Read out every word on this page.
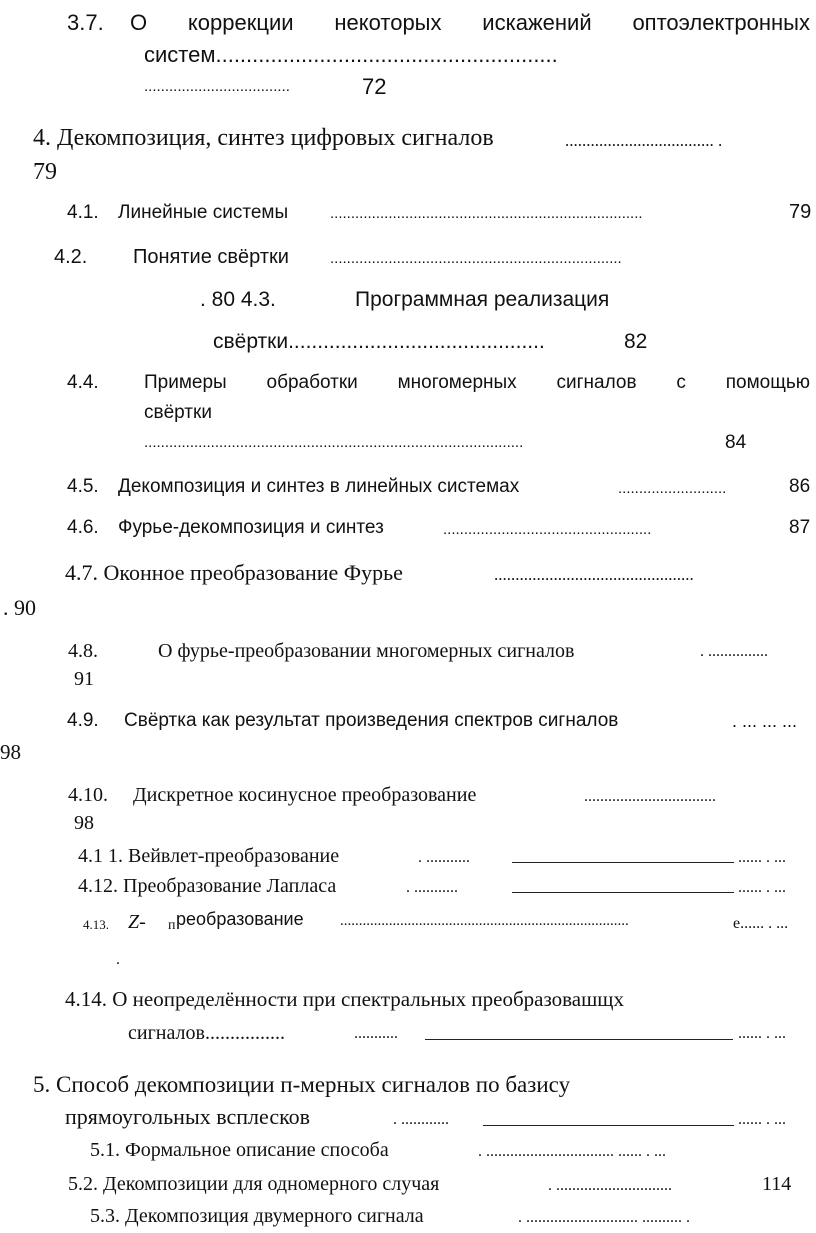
3.7. О коррекции некоторых искажений оптоэлектронных
систем........................................................
...................................	72
4. Декомпозиция, синтез цифровых сигналов	................................... .
79
4.1. Линейные системы	...........................................................................	79
4.2. Понятие свёртки	......................................................................
. 80 4.3.	Программная реализация
свёртки............................................	82
4.4. Примеры обработки многомерных сигналов с помощью
свёртки
...........................................................................................	84
4.5. Декомпозиция и синтез в линейных системах	..........................	86
4.6. Фурье-декомпозиция и синтез	..................................................	87
4.7. Оконное преобразование Фурье	...............................................
. 90
4.8.	О фурье-преобразовании многомерных сигналов	. ...............
91
4.9. Свёртка как результат произведения спектров сигналов	. ... ... ...
98
4.10. Дискретное косинусное преобразование	.................................
98
4.1 1. Вейвлет-преобразование	. ...........	...... . ...
4.12. Преобразование Лапласа	. ...........	...... . ...
4.13. Z- п реобразование .............................................................................	е...... . ...
.
4.14. О неопределённости при спектральных преобразовашщх
сигналов................	...........	...... . ...
5. Способ декомпозиции п-мерных сигналов по базису
прямоугольных всплесков	. ............	...... . ...
5.1. Формальное описание способа	. ................................ ...... . ...
5.2. Декомпозиции для одномерного случая	. .............................	114
5.3. Декомпозиция двумерного сигнала	. ............................ .......... .
